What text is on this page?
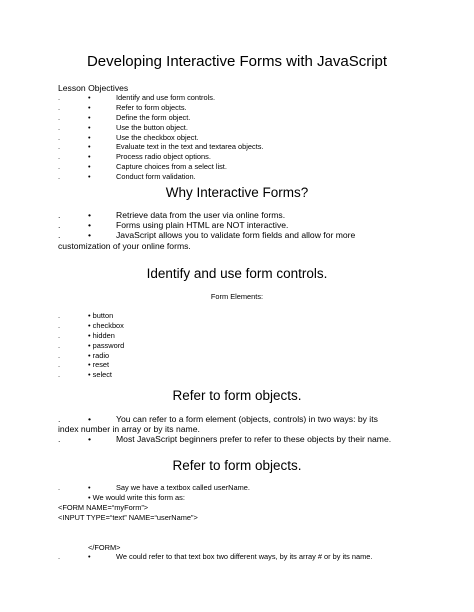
Developing Interactive Forms with JavaScript
Lesson Objectives
.	•	Identify and use form controls.
.	•	Refer to form objects.
.	•	Define the form object.
.	•	Use the button object.
.	•	Use the checkbox object.
.	•	Evaluate text in the text and textarea objects.
.	•	Process radio object options.
.	•	Capture choices from a select list.
.	•	Conduct form validation.
Why Interactive Forms?
.	•	Retrieve data from the user via online forms.
.	•	Forms using plain HTML are NOT interactive.
.	•	JavaScript allows you to validate form fields and allow for more
customization of your online forms.
Identify and use form controls.
Form Elements:
.	• button
.	• checkbox
.	• hidden
.	• password
.	• radio
.	• reset
.	• select
Refer to form objects.
.	•	You can refer to a form element (objects, controls) in two ways: by its
index number in array or by its name.
.	•	Most JavaScript beginners prefer to refer to these objects by their name.
Refer to form objects.
.	•	Say we have a textbox called userName.
• We would write this form as:
<FORM NAME=“myForm”>
<INPUT TYPE=“text” NAME=“userName”>
</FORM>
.	•	We could refer to that text box two different ways, by its array # or by its name.
